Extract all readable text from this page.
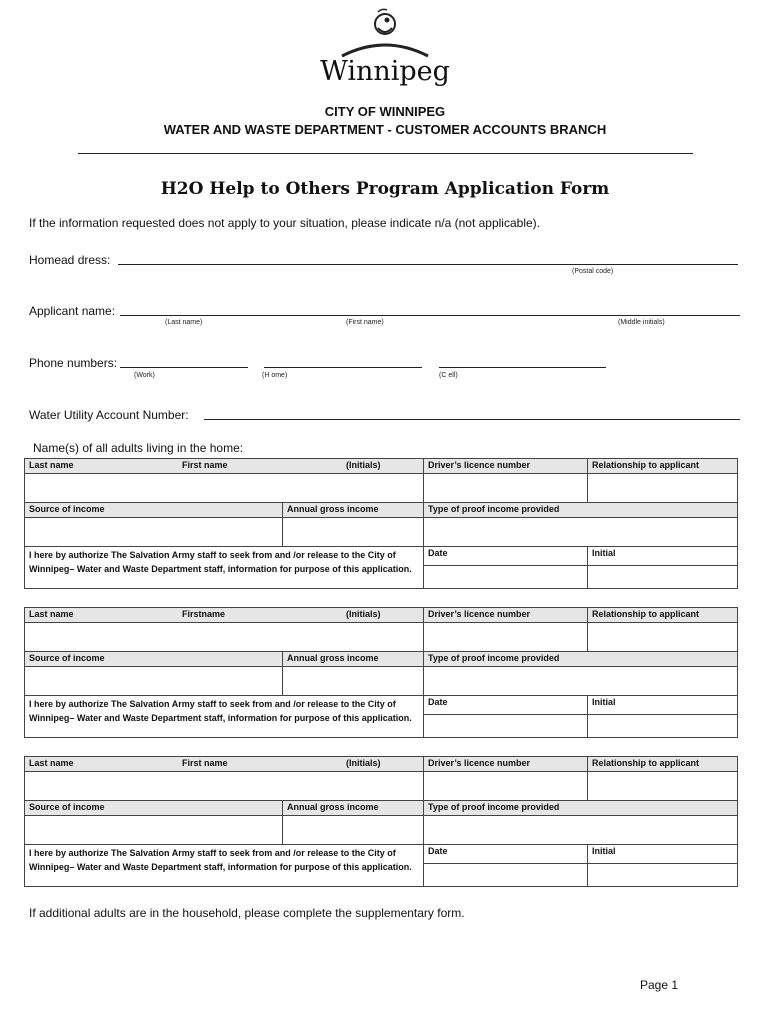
Winnipeg
CITY OF WINNIPEG
WATER AND WASTE DEPARTMENT - CUSTOMER ACCOUNTS BRANCH
H2O Help to Others Program Application Form
If the information requested does not apply to your situation, please indicate n/a (not applicable).
Homead dress:
(Postal code)
Applicant name:
(Last name)	(First name)	(Middle initials)
Phone numbers:
(Work)	(H ome)	(C ell)
Water Utility Account Number:
Name(s) of all adults living in the home:
Last name First name (Initials)		Driver’s licence number	Relationship to applicant

Source of income	Annual gross income	Type of proof income provided	

I here by authorize The Salvation Army staff to seek from and /or release to the City of Winnipeg– Water and Waste Department staff, information for purpose of this application.		Date	Initial

Last name Firstname (Initials)		Driver’s licence number	Relationship to applicant

Source of income	Annual gross income	Type of proof income provided	

I here by authorize The Salvation Army staff to seek from and /or release to the City of Winnipeg– Water and Waste Department staff, information for purpose of this application.		Date	Initial

Last name First name (Initials)		Driver’s licence number	Relationship to applicant

Source of income	Annual gross income	Type of proof income provided	

I here by authorize The Salvation Army staff to seek from and /or release to the City of Winnipeg– Water and Waste Department staff, information for purpose of this application.		Date	Initial

If additional adults are in the household, please complete the supplementary form.
Page 1
